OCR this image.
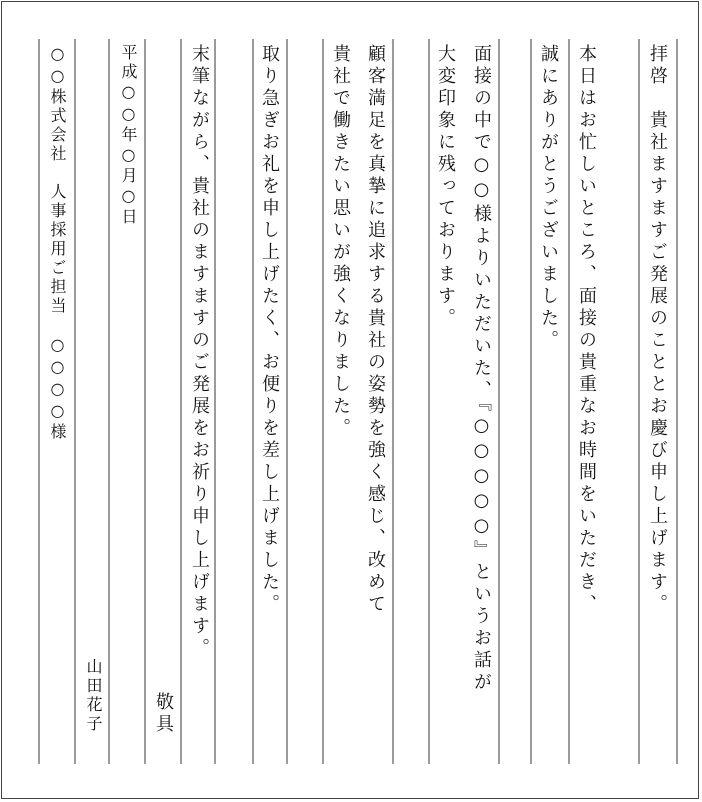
拝啓　貴社ますますご発展のこととお慶び申し上げます。
本日はお忙しいところ、面接の貴重なお時間をいただき、
誠にありがとうございました。
面接の中で○○様よりいただいた、『○○○○○』というお話が
大変印象に残っております。
顧客満足を真摯に追求する貴社の姿勢を強く感じ、改めて
貴社で働きたい思いが強くなりました。
取り急ぎお礼を申し上げたく、お便りを差し上げました。
末筆ながら、貴社のますますのご発展をお祈り申し上げます。
敬具
平成○○年○月○日
山田花子
○○株式会社　人事採用ご担当　○○○○様
